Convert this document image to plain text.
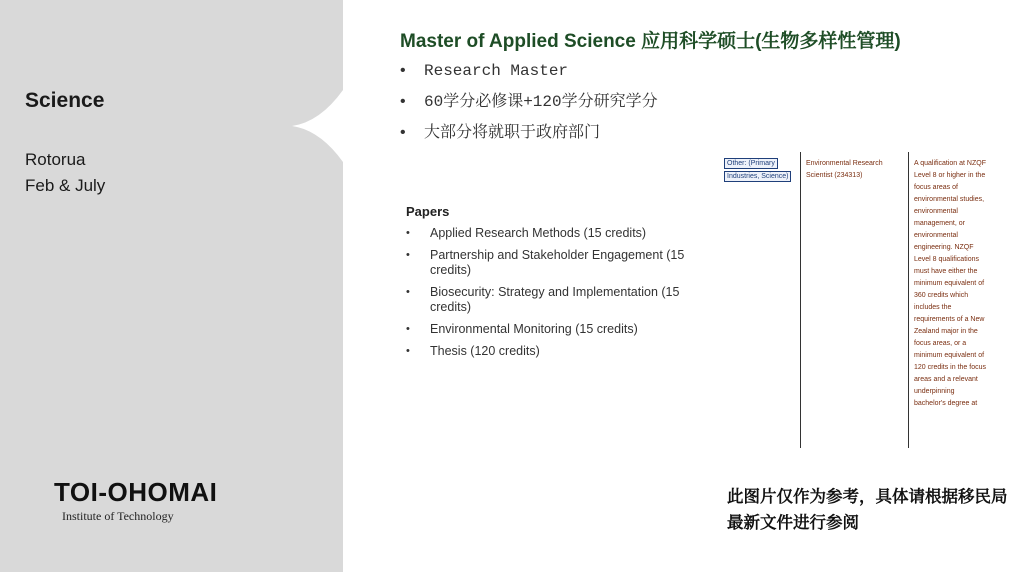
Science
Rotorua
Feb & July
TOI-OHOMAI
Institute of Technology
Master of Applied Science 应用科学硕士(生物多样性管理)
• Research Master
• 60学分必修课+120学分研究学分
• 大部分将就职于政府部门
Papers
• Applied Research Methods (15 credits)
• Partnership and Stakeholder Engagement (15 credits)
• Biosecurity: Strategy and Implementation (15 credits)
• Environmental Monitoring (15 credits)
• Thesis (120 credits)
Other: (Primary
Industries, Science)
Environmental Research Scientist (234313)
A qualification at NZQF Level 8 or higher in the focus areas of environmental studies, environmental management, or environmental engineering. NZQF Level 8 qualifications must have either the minimum equivalent of 360 credits which includes the requirements of a New Zealand major in the focus areas, or a minimum equivalent of 120 credits in the focus areas and a relevant underpinning bachelor's degree at
此图片仅作为参考，具体请根据移民局最新文件进行参阅
